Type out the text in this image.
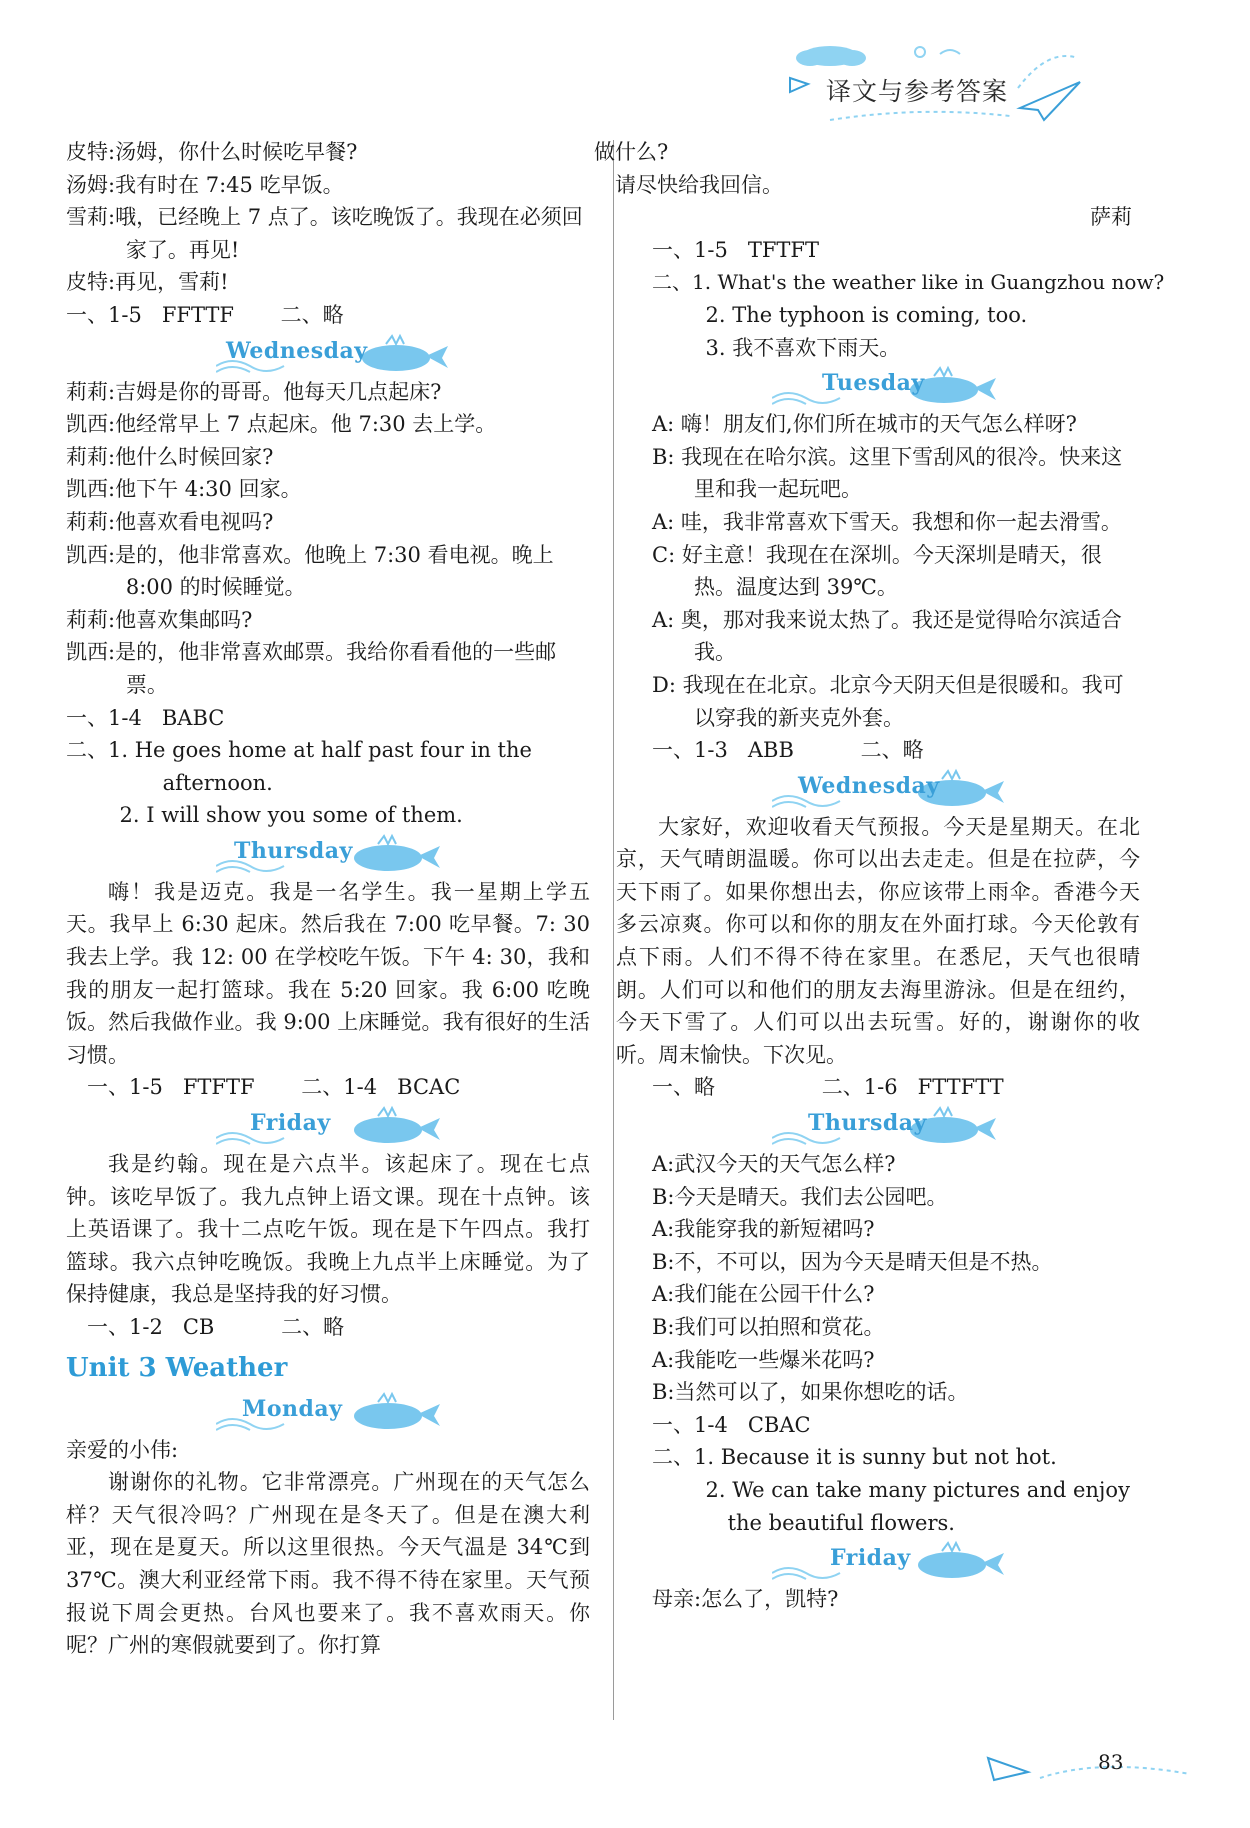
译文与参考答案
皮特:汤姆，你什么时候吃早餐?
汤姆:我有时在 7:45 吃早饭。
雪莉:哦，已经晚上 7 点了。该吃晚饭了。我现在必须回家了。再见!
皮特:再见，雪莉!
一、1-5   FFTTF       二、略
Wednesday
莉莉:吉姆是你的哥哥。他每天几点起床?
凯西:他经常早上 7 点起床。他 7:30 去上学。
莉莉:他什么时候回家?
凯西:他下午 4:30 回家。
莉莉:他喜欢看电视吗?
凯西:是的，他非常喜欢。他晚上 7:30 看电视。晚上 8:00 的时候睡觉。
莉莉:他喜欢集邮吗?
凯西:是的，他非常喜欢邮票。我给你看看他的一些邮票。
一、1-4   BABC
二、1. He goes home at half past four in the afternoon.
2. I will show you some of them.
Thursday
嗨！我是迈克。我是一名学生。我一星期上学五天。我早上 6:30 起床。然后我在 7:00 吃早餐。7: 30 我去上学。我 12: 00 在学校吃午饭。下午 4: 30，我和我的朋友一起打篮球。我在 5:20 回家。我 6:00 吃晚饭。然后我做作业。我 9:00 上床睡觉。我有很好的生活习惯。
一、1-5   FTFTF       二、1-4   BCAC
Friday
我是约翰。现在是六点半。该起床了。现在七点钟。该吃早饭了。我九点钟上语文课。现在十点钟。该上英语课了。我十二点吃午饭。现在是下午四点。我打篮球。我六点钟吃晚饭。我晚上九点半上床睡觉。为了保持健康，我总是坚持我的好习惯。
一、1-2   CB          二、略
Unit 3 Weather
Monday
亲爱的小伟:
谢谢你的礼物。它非常漂亮。广州现在的天气怎么样？天气很冷吗？广州现在是冬天了。但是在澳大利亚，现在是夏天。所以这里很热。今天气温是 34℃到 37℃。澳大利亚经常下雨。我不得不待在家里。天气预报说下周会更热。台风也要来了。我不喜欢雨天。你呢？广州的寒假就要到了。你打算
做什么?
请尽快给我回信。
萨莉
一、1-5   TFTFT
二、1. What's the weather like in Guangzhou now?
2. The typhoon is coming, too.
3. 我不喜欢下雨天。
Tuesday
A: 嗨！朋友们,你们所在城市的天气怎么样呀?
B: 我现在在哈尔滨。这里下雪刮风的很冷。快来这里和我一起玩吧。
A: 哇，我非常喜欢下雪天。我想和你一起去滑雪。
C: 好主意！我现在在深圳。今天深圳是晴天，很热。温度达到 39℃。
A: 奥，那对我来说太热了。我还是觉得哈尔滨适合我。
D: 我现在在北京。北京今天阴天但是很暖和。我可以穿我的新夹克外套。
一、1-3   ABB          二、略
Wednesday
大家好，欢迎收看天气预报。今天是星期天。在北京，天气晴朗温暖。你可以出去走走。但是在拉萨，今天下雨了。如果你想出去，你应该带上雨伞。香港今天多云凉爽。你可以和你的朋友在外面打球。今天伦敦有点下雨。人们不得不待在家里。在悉尼，天气也很晴朗。人们可以和他们的朋友去海里游泳。但是在纽约，今天下雪了。人们可以出去玩雪。好的，谢谢你的收听。周末愉快。下次见。
一、略                二、1-6   FTTFTT
Thursday
A:武汉今天的天气怎么样?
B:今天是晴天。我们去公园吧。
A:我能穿我的新短裙吗?
B:不，不可以，因为今天是晴天但是不热。
A:我们能在公园干什么?
B:我们可以拍照和赏花。
A:我能吃一些爆米花吗?
B:当然可以了，如果你想吃的话。
一、1-4   CBAC
二、1. Because it is sunny but not hot.
2. We can take many pictures and enjoy the beautiful flowers.
Friday
母亲:怎么了，凯特?
83
